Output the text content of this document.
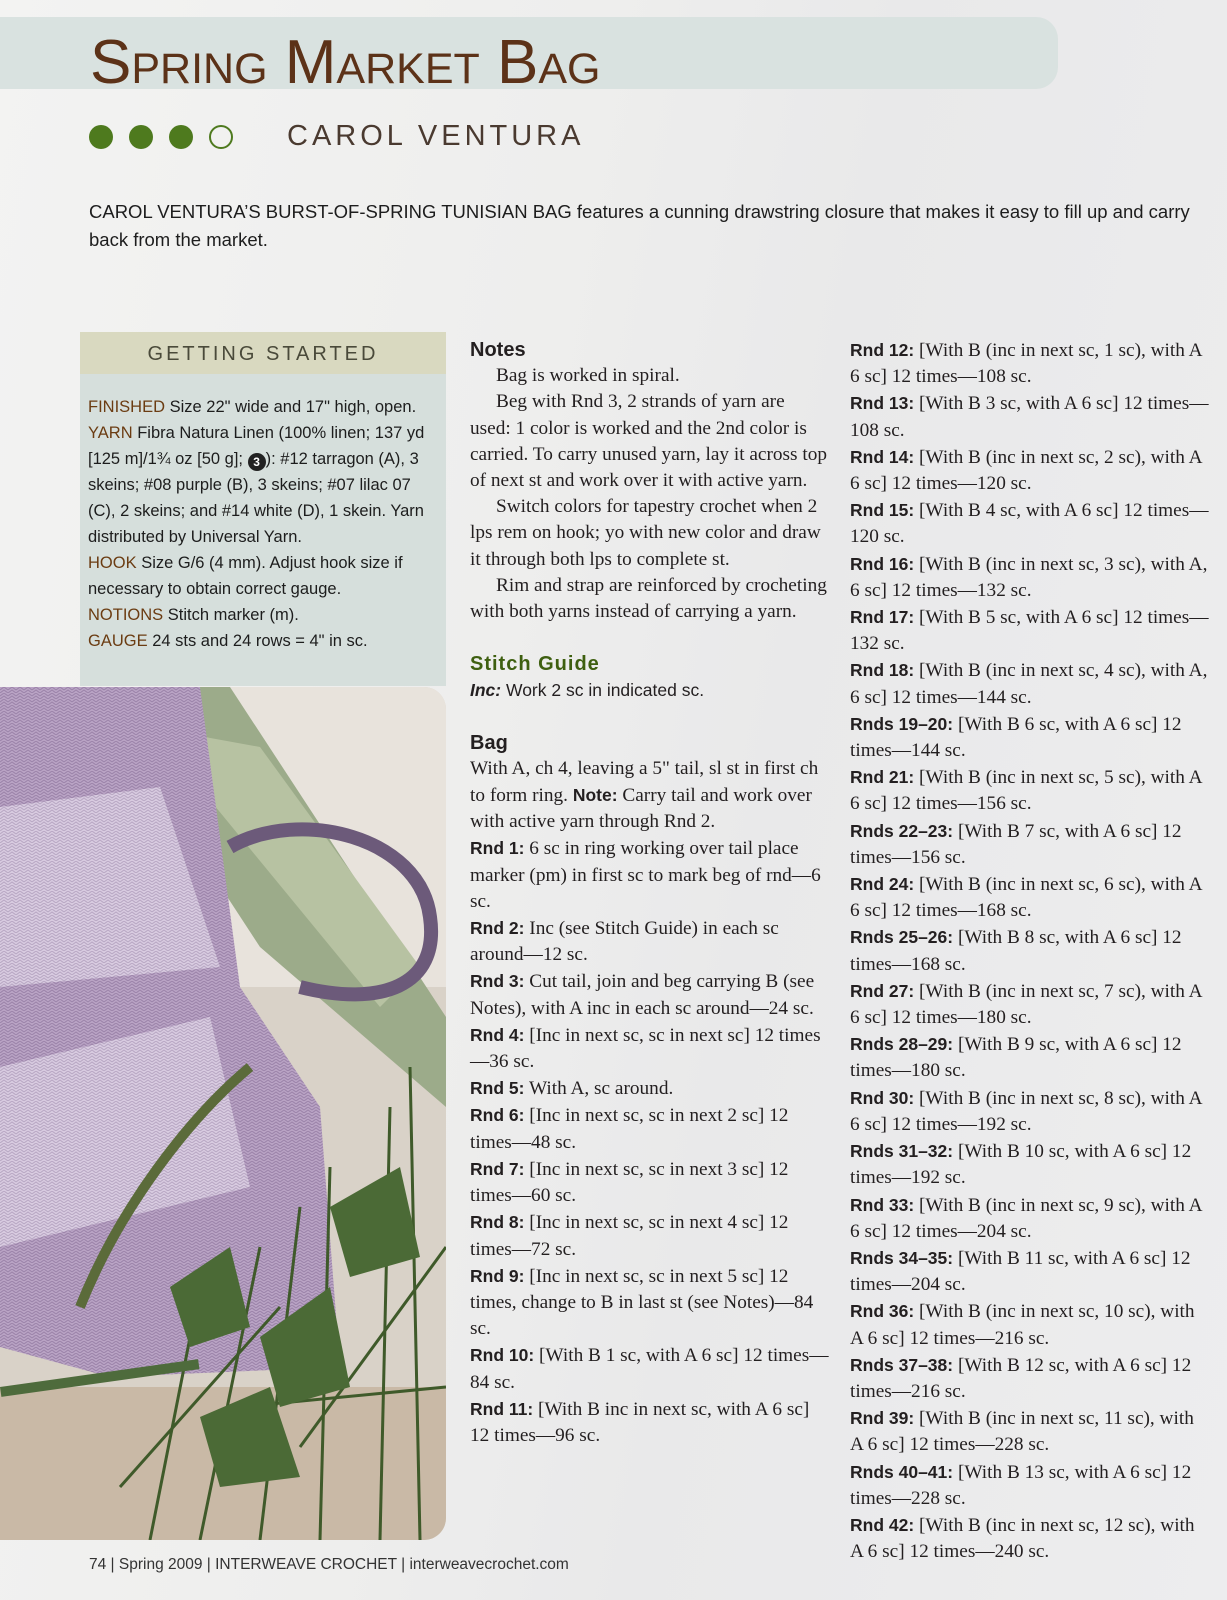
Spring Market Bag
CAROL VENTURA
CAROL VENTURA’S BURST-OF-SPRING TUNISIAN BAG features a cunning drawstring closure that makes it easy to fill up and carry back from the market.
GETTING STARTED
FINISHED Size 22" wide and 17" high, open.
YARN Fibra Natura Linen (100% linen; 137 yd [125 m]/1¾ oz [50 g]; 3 ): #12 tarragon (A), 3 skeins; #08 purple (B), 3 skeins; #07 lilac 07 (C), 2 skeins; and #14 white (D), 1 skein. Yarn distributed by Universal Yarn.
HOOK Size G/6 (4 mm). Adjust hook size if necessary to obtain correct gauge.
NOTIONS Stitch marker (m).
GAUGE 24 sts and 24 rows = 4" in sc.

Notes

Bag is worked in spiral.

Beg with Rnd 3, 2 strands of yarn are used: 1 color is worked and the 2nd color is carried. To carry unused yarn, lay it across top of next st and work over it with active yarn.

Switch colors for tapestry crochet when 2 lps rem on hook; yo with new color and draw it through both lps to complete st.

Rim and strap are reinforced by crocheting with both yarns instead of carrying a yarn.

Stitch Guide

Inc: Work 2 sc in indicated sc.

Bag

With A, ch 4, leaving a 5" tail, sl st in first ch to form ring. Note: Carry tail and work over with active yarn through Rnd 2.

Rnd 1: 6 sc in ring working over tail place marker (pm) in first sc to mark beg of rnd—6 sc.

Rnd 2: Inc (see Stitch Guide) in each sc around—12 sc.

Rnd 3: Cut tail, join and beg carrying B (see Notes), with A inc in each sc around—24 sc.

Rnd 4: [Inc in next sc, sc in next sc] 12 times—36 sc.

Rnd 5: With A, sc around.

Rnd 6: [Inc in next sc, sc in next 2 sc] 12 times—48 sc.

Rnd 7: [Inc in next sc, sc in next 3 sc] 12 times—60 sc.

Rnd 8: [Inc in next sc, sc in next 4 sc] 12 times—72 sc.

Rnd 9: [Inc in next sc, sc in next 5 sc] 12 times, change to B in last st (see Notes)—84 sc.

Rnd 10: [With B 1 sc, with A 6 sc] 12 times—84 sc.

Rnd 11: [With B inc in next sc, with A 6 sc] 12 times—96 sc.

Rnd 12: [With B (inc in next sc, 1 sc), with A 6 sc] 12 times—108 sc.

Rnd 13: [With B 3 sc, with A 6 sc] 12 times—108 sc.

Rnd 14: [With B (inc in next sc, 2 sc), with A 6 sc] 12 times—120 sc.

Rnd 15: [With B 4 sc, with A 6 sc] 12 times—120 sc.

Rnd 16: [With B (inc in next sc, 3 sc), with A, 6 sc] 12 times—132 sc.

Rnd 17: [With B 5 sc, with A 6 sc] 12 times—132 sc.

Rnd 18: [With B (inc in next sc, 4 sc), with A, 6 sc] 12 times—144 sc.

Rnds 19–20: [With B 6 sc, with A 6 sc] 12 times—144 sc.

Rnd 21: [With B (inc in next sc, 5 sc), with A 6 sc] 12 times—156 sc.

Rnds 22–23: [With B 7 sc, with A 6 sc] 12 times—156 sc.

Rnd 24: [With B (inc in next sc, 6 sc), with A 6 sc] 12 times—168 sc.

Rnds 25–26: [With B 8 sc, with A 6 sc] 12 times—168 sc.

Rnd 27: [With B (inc in next sc, 7 sc), with A 6 sc] 12 times—180 sc.

Rnds 28–29: [With B 9 sc, with A 6 sc] 12 times—180 sc.

Rnd 30: [With B (inc in next sc, 8 sc), with A 6 sc] 12 times—192 sc.

Rnds 31–32: [With B 10 sc, with A 6 sc] 12 times—192 sc.

Rnd 33: [With B (inc in next sc, 9 sc), with A 6 sc] 12 times—204 sc.

Rnds 34–35: [With B 11 sc, with A 6 sc] 12 times—204 sc.

Rnd 36: [With B (inc in next sc, 10 sc), with A 6 sc] 12 times—216 sc.

Rnds 37–38: [With B 12 sc, with A 6 sc] 12 times—216 sc.

Rnd 39: [With B (inc in next sc, 11 sc), with A 6 sc] 12 times—228 sc.

Rnds 40–41: [With B 13 sc, with A 6 sc] 12 times—228 sc.

Rnd 42: [With B (inc in next sc, 12 sc), with A 6 sc] 12 times—240 sc.

74 | Spring 2009 | INTERWEAVE CROCHET | interweavecrochet.com
